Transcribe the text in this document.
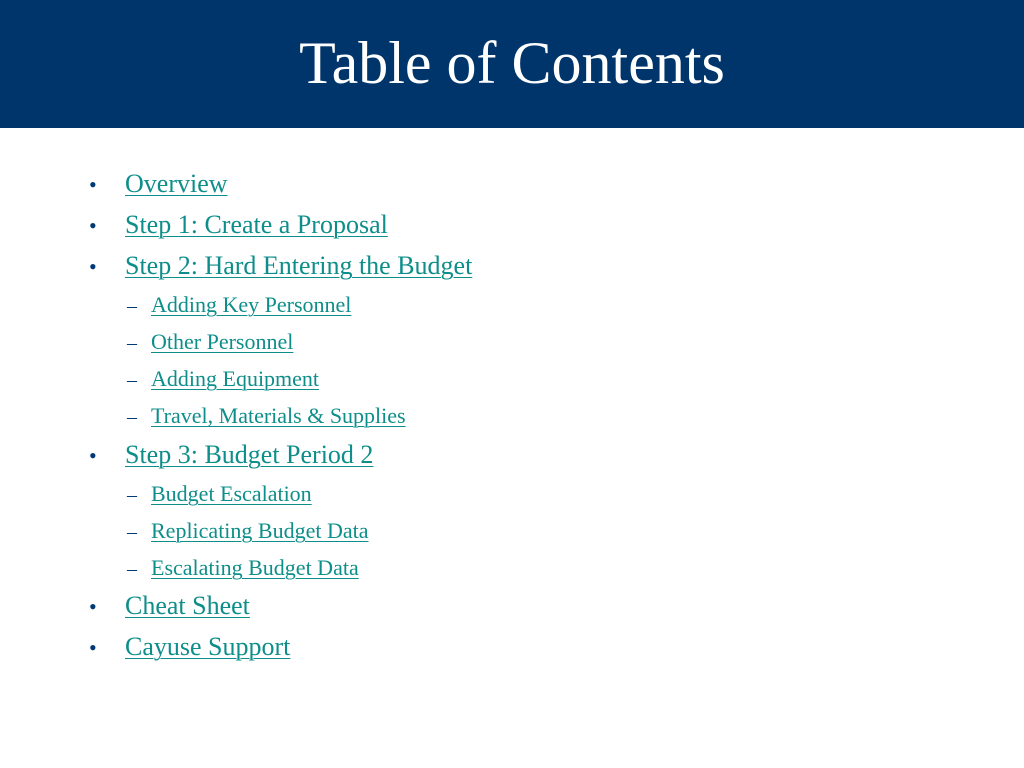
Table of Contents
• Overview
• Step 1: Create a Proposal
• Step 2: Hard Entering the Budget
– Adding Key Personnel
– Other Personnel
– Adding Equipment
– Travel, Materials & Supplies
• Step 3: Budget Period 2
– Budget Escalation
– Replicating Budget Data
– Escalating Budget Data
• Cheat Sheet
• Cayuse Support
